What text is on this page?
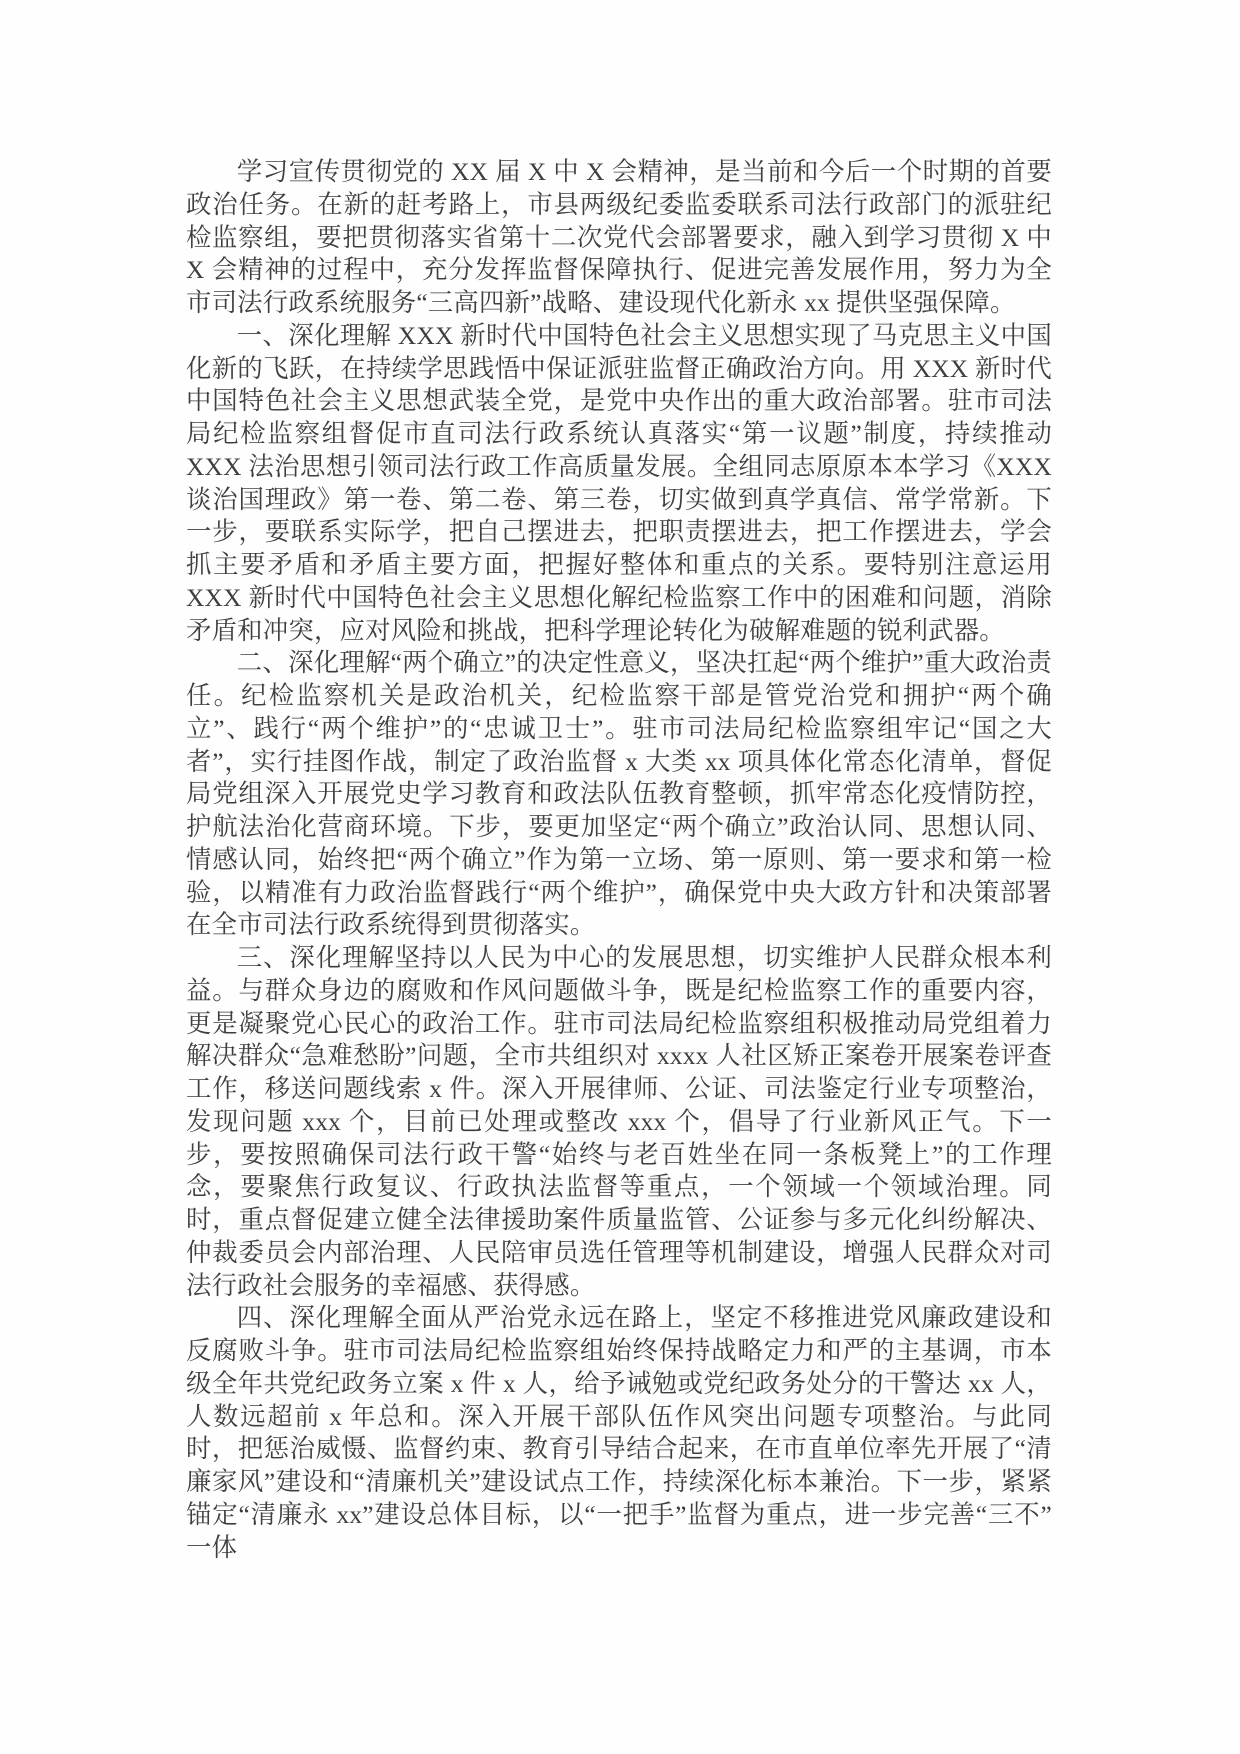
学习宣传贯彻党的 XX 届 X 中 X 会精神，是当前和今后一个时期的首要政治任务。在新的赶考路上，市县两级纪委监委联系司法行政部门的派驻纪检监察组，要把贯彻落实省第十二次党代会部署要求，融入到学习贯彻 X 中 X 会精神的过程中，充分发挥监督保障执行、促进完善发展作用，努力为全市司法行政系统服务“三高四新”战略、建设现代化新永 xx 提供坚强保障。

一、深化理解 XXX 新时代中国特色社会主义思想实现了马克思主义中国化新的飞跃，在持续学思践悟中保证派驻监督正确政治方向。用 XXX 新时代中国特色社会主义思想武装全党，是党中央作出的重大政治部署。驻市司法局纪检监察组督促市直司法行政系统认真落实“第一议题”制度，持续推动 XXX 法治思想引领司法行政工作高质量发展。全组同志原原本本学习《XXX 谈治国理政》第一卷、第二卷、第三卷，切实做到真学真信、常学常新。下一步，要联系实际学，把自己摆进去，把职责摆进去，把工作摆进去，学会抓主要矛盾和矛盾主要方面，把握好整体和重点的关系。要特别注意运用 XXX 新时代中国特色社会主义思想化解纪检监察工作中的困难和问题，消除矛盾和冲突，应对风险和挑战，把科学理论转化为破解难题的锐利武器。

二、深化理解“两个确立”的决定性意义，坚决扛起“两个维护”重大政治责任。纪检监察机关是政治机关，纪检监察干部是管党治党和拥护“两个确立”、践行“两个维护”的“忠诚卫士”。驻市司法局纪检监察组牢记“国之大者”，实行挂图作战，制定了政治监督 x 大类 xx 项具体化常态化清单，督促局党组深入开展党史学习教育和政法队伍教育整顿，抓牢常态化疫情防控，护航法治化营商环境。下步，要更加坚定“两个确立”政治认同、思想认同、情感认同，始终把“两个确立”作为第一立场、第一原则、第一要求和第一检验，以精准有力政治监督践行“两个维护”，确保党中央大政方针和决策部署在全市司法行政系统得到贯彻落实。

三、深化理解坚持以人民为中心的发展思想，切实维护人民群众根本利益。与群众身边的腐败和作风问题做斗争，既是纪检监察工作的重要内容，更是凝聚党心民心的政治工作。驻市司法局纪检监察组积极推动局党组着力解决群众“急难愁盼”问题，全市共组织对 xxxx 人社区矫正案卷开展案卷评查工作，移送问题线索 x 件。深入开展律师、公证、司法鉴定行业专项整治，发现问题 xxx 个，目前已处理或整改 xxx 个，倡导了行业新风正气。下一步，要按照确保司法行政干警“始终与老百姓坐在同一条板凳上”的工作理念，要聚焦行政复议、行政执法监督等重点，一个领域一个领域治理。同时，重点督促建立健全法律援助案件质量监管、公证参与多元化纠纷解决、仲裁委员会内部治理、人民陪审员选任管理等机制建设，增强人民群众对司法行政社会服务的幸福感、获得感。

四、深化理解全面从严治党永远在路上，坚定不移推进党风廉政建设和反腐败斗争。驻市司法局纪检监察组始终保持战略定力和严的主基调，市本级全年共党纪政务立案 x 件 x 人，给予诫勉或党纪政务处分的干警达 xx 人，人数远超前 x 年总和。深入开展干部队伍作风突出问题专项整治。与此同时，把惩治威慑、监督约束、教育引导结合起来，在市直单位率先开展了“清廉家风”建设和“清廉机关”建设试点工作，持续深化标本兼治。下一步，紧紧锚定“清廉永 xx”建设总体目标，以“一把手”监督为重点，进一步完善“三不”一体
